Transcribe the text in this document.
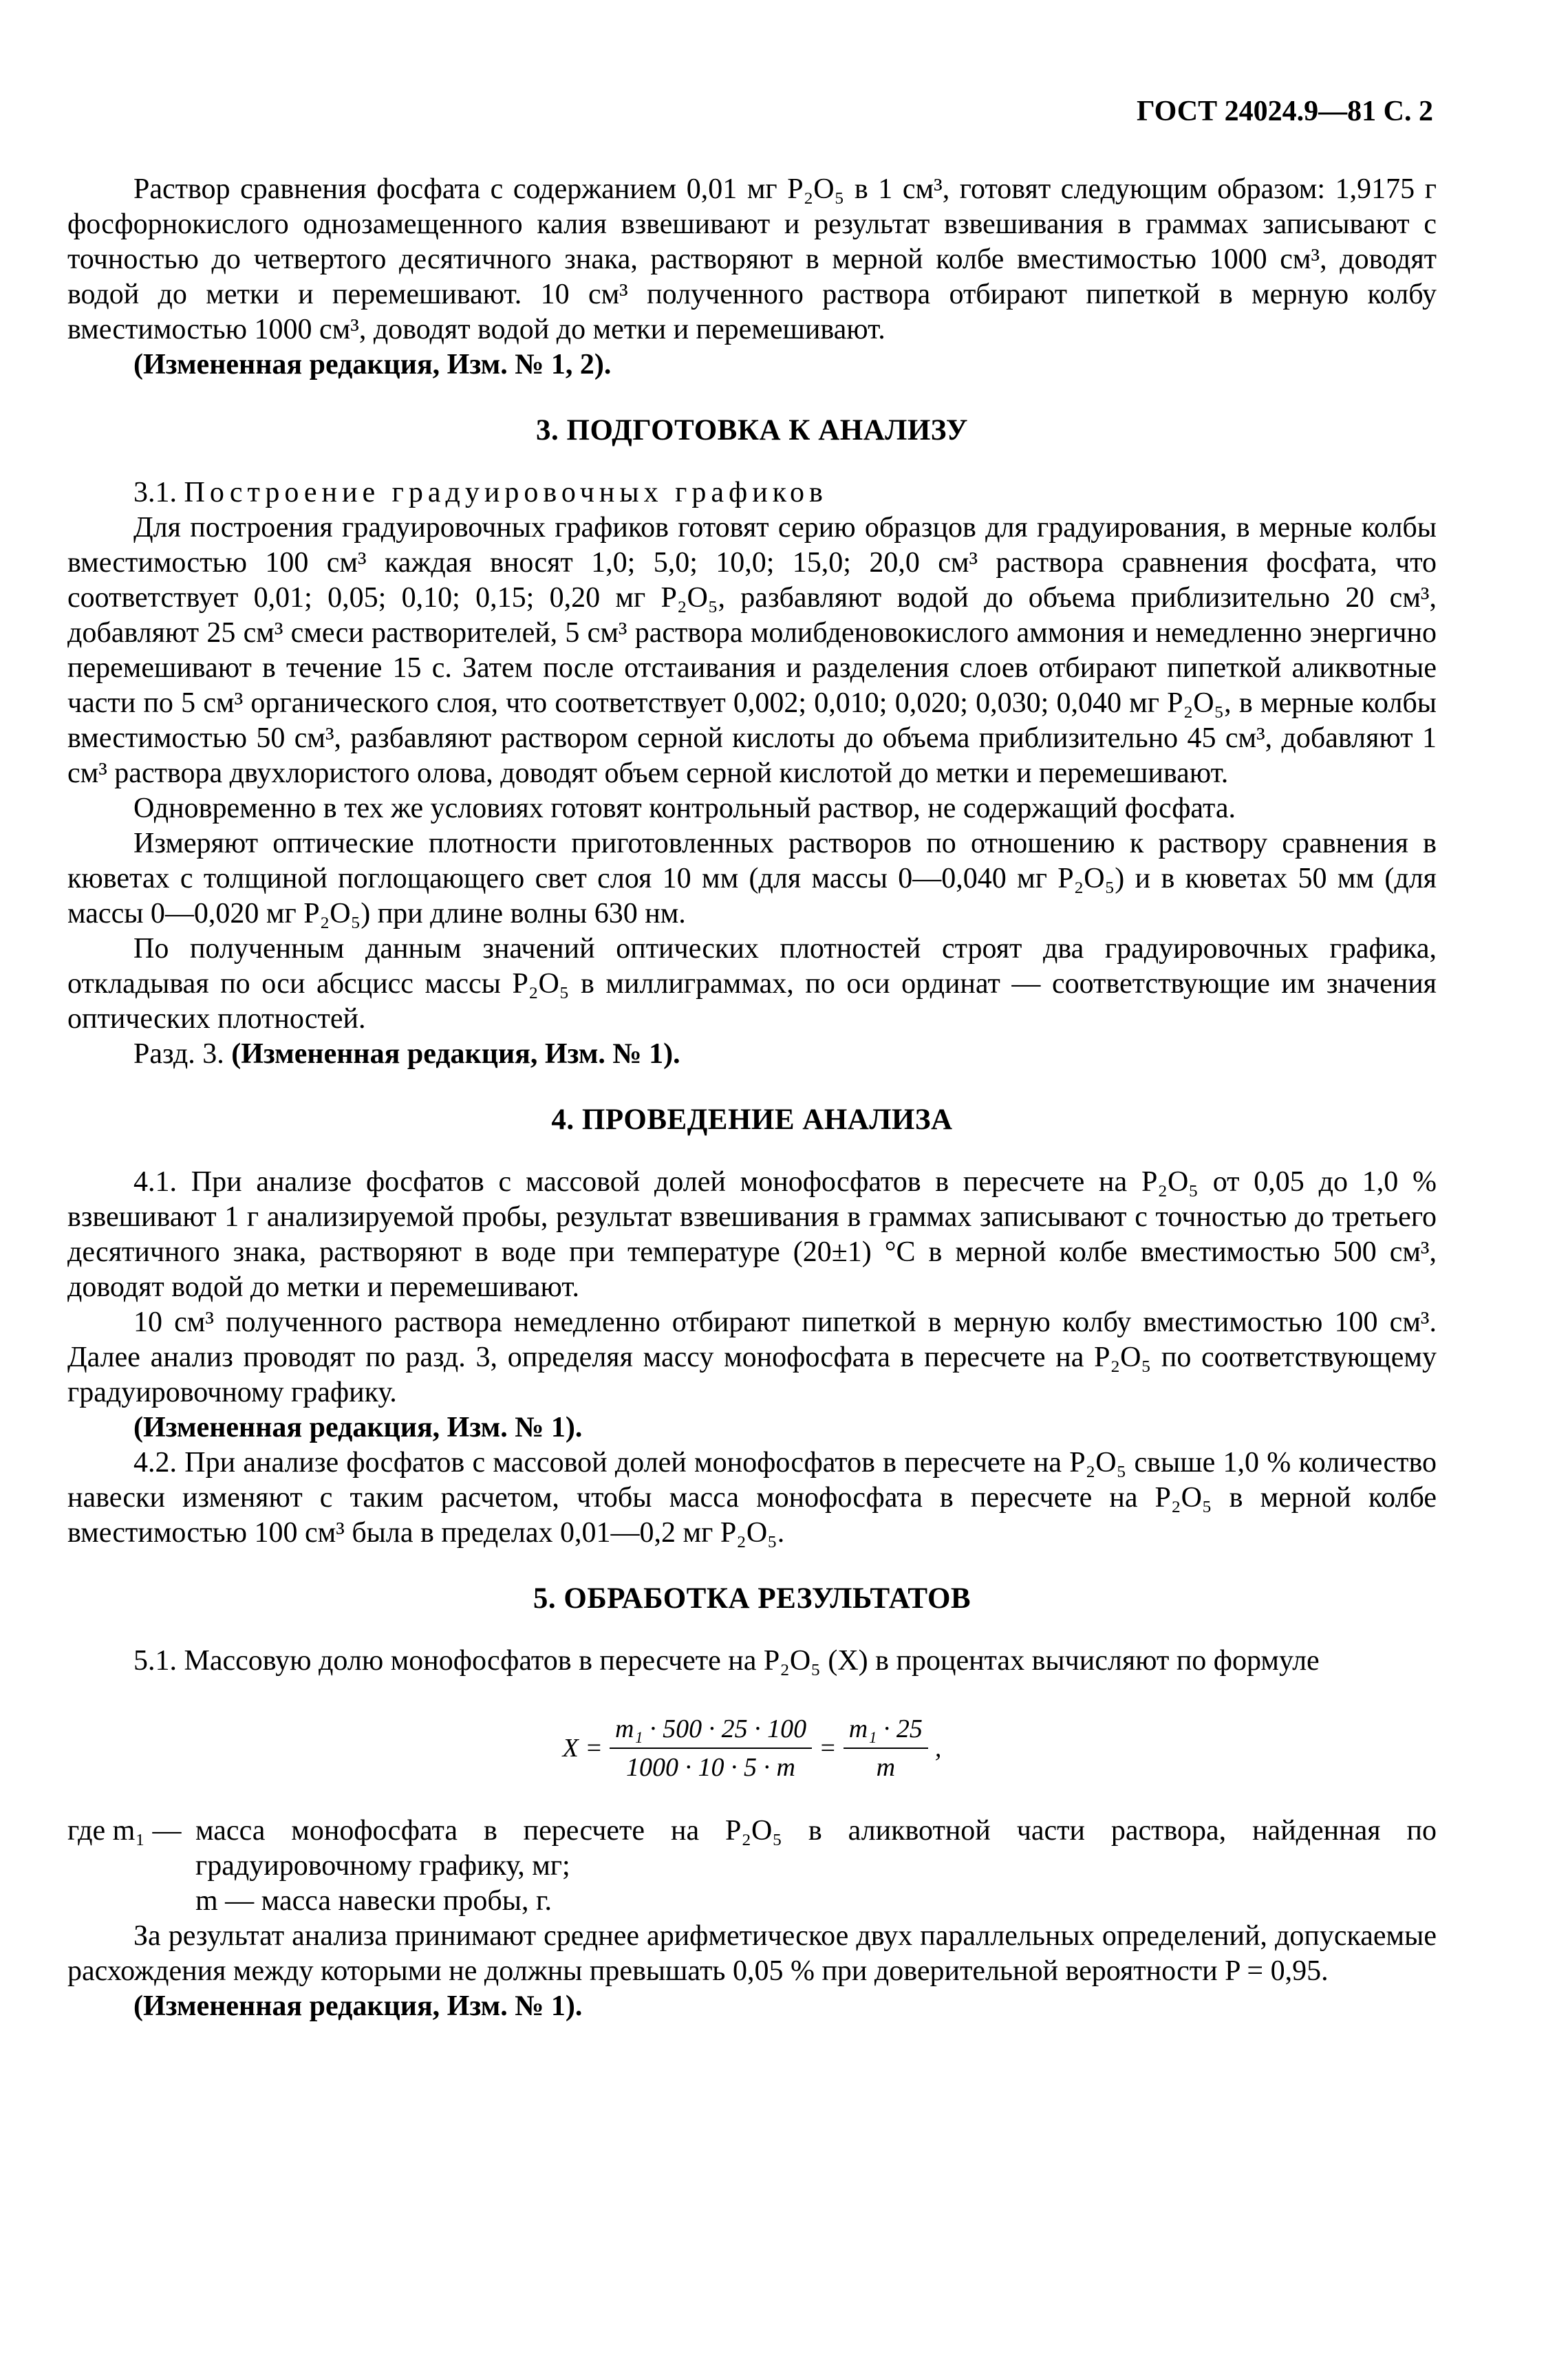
ГОСТ 24024.9—81 С. 2

Раствор сравнения фосфата с содержанием 0,01 мг P₂O₅ в 1 см³, готовят следующим образом: 1,9175 г фосфорнокислого однозамещенного калия взвешивают и результат взвешивания в граммах записывают с точностью до четвертого десятичного знака, растворяют в мерной колбе вместимостью 1000 см³, доводят водой до метки и перемешивают. 10 см³ полученного раствора отбирают пипеткой в мерную колбу вместимостью 1000 см³, доводят водой до метки и перемешивают.

(Измененная редакция, Изм. № 1, 2).

3. ПОДГОТОВКА К АНАЛИЗУ

3.1. Построение градуировочных графиков

Для построения градуировочных графиков готовят серию образцов для градуирования, в мерные колбы вместимостью 100 см³ каждая вносят 1,0; 5,0; 10,0; 15,0; 20,0 см³ раствора сравнения фосфата, что соответствует 0,01; 0,05; 0,10; 0,15; 0,20 мг P₂O₅, разбавляют водой до объема приблизительно 20 см³, добавляют 25 см³ смеси растворителей, 5 см³ раствора молибденовокислого аммония и немедленно энергично перемешивают в течение 15 с. Затем после отстаивания и разделения слоев отбирают пипеткой аликвотные части по 5 см³ органического слоя, что соответствует 0,002; 0,010; 0,020; 0,030; 0,040 мг P₂O₅, в мерные колбы вместимостью 50 см³, разбавляют раствором серной кислоты до объема приблизительно 45 см³, добавляют 1 см³ раствора двухлористого олова, доводят объем серной кислотой до метки и перемешивают.

Одновременно в тех же условиях готовят контрольный раствор, не содержащий фосфата.

Измеряют оптические плотности приготовленных растворов по отношению к раствору сравнения в кюветах с толщиной поглощающего свет слоя 10 мм (для массы 0—0,040 мг P₂O₅) и в кюветах 50 мм (для массы 0—0,020 мг P₂O₅) при длине волны 630 нм.

По полученным данным значений оптических плотностей строят два градуировочных графика, откладывая по оси абсцисс массы P₂O₅ в миллиграммах, по оси ординат — соответствующие им значения оптических плотностей.

Разд. 3. (Измененная редакция, Изм. № 1).

4. ПРОВЕДЕНИЕ АНАЛИЗА

4.1. При анализе фосфатов с массовой долей монофосфатов в пересчете на P₂O₅ от 0,05 до 1,0 % взвешивают 1 г анализируемой пробы, результат взвешивания в граммах записывают с точностью до третьего десятичного знака, растворяют в воде при температуре (20±1) °С в мерной колбе вместимостью 500 см³, доводят водой до метки и перемешивают.

10 см³ полученного раствора немедленно отбирают пипеткой в мерную колбу вместимостью 100 см³. Далее анализ проводят по разд. 3, определяя массу монофосфата в пересчете на P₂O₅ по соответствующему градуировочному графику.

(Измененная редакция, Изм. № 1).

4.2. При анализе фосфатов с массовой долей монофосфатов в пересчете на P₂O₅ свыше 1,0 % количество навески изменяют с таким расчетом, чтобы масса монофосфата в пересчете на P₂O₅ в мерной колбе вместимостью 100 см³ была в пределах 0,01—0,2 мг P₂O₅.

5. ОБРАБОТКА РЕЗУЛЬТАТОВ

5.1. Массовую долю монофосфатов в пересчете на P₂O₅ (X) в процентах вычисляют по формуле

$X = \frac{\text{m₁ · 500 · 25 · 100}}{1000 \cdot 10 \cdot 5 \cdot m} = \frac{\text{m₁ · 25}}{m}$ ,
где m₁ — масса монофосфата в пересчете на P₂O₅ в аликвотной части раствора, найденная по градуировочному графику, мг;
m — масса навески пробы, г.

За результат анализа принимают среднее арифметическое двух параллельных определений, допускаемые расхождения между которыми не должны превышать 0,05 % при доверительной вероятности P = 0,95.

(Измененная редакция, Изм. № 1).
